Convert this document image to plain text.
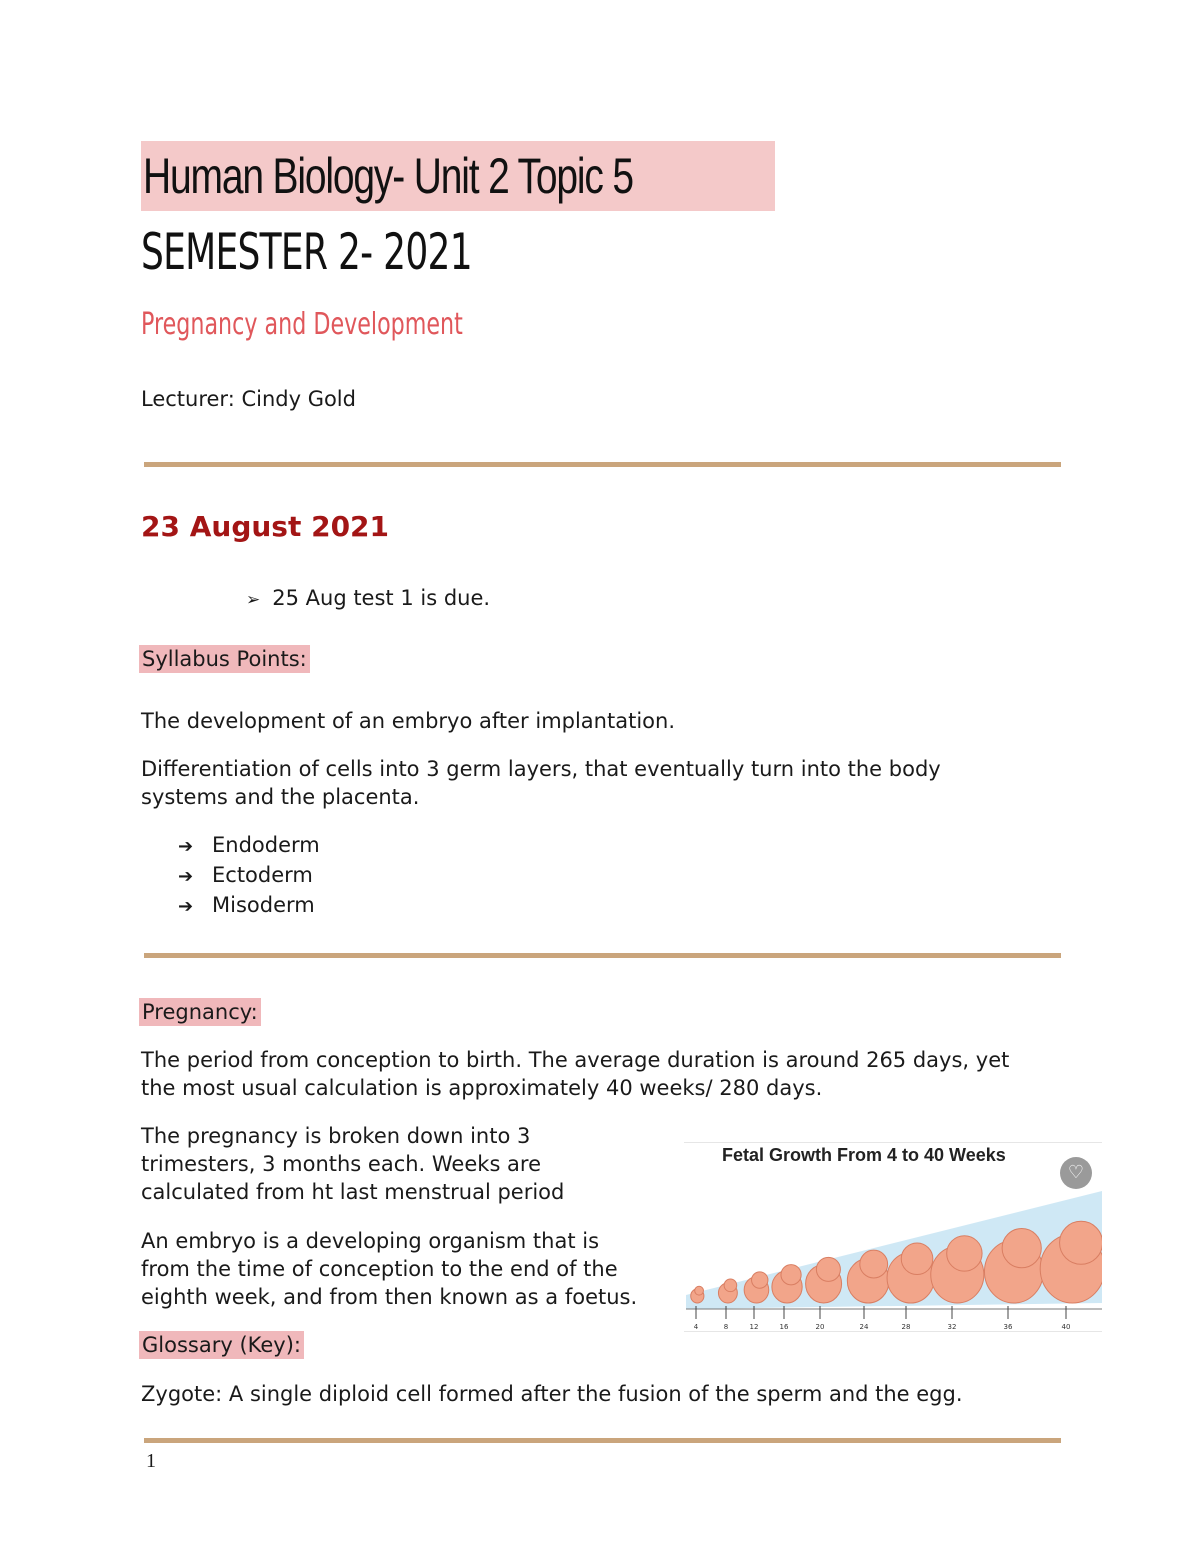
Human Biology- Unit 2 Topic 5
SEMESTER 2- 2021
Pregnancy and Development
Lecturer: Cindy Gold
23 August 2021
➢ 25 Aug test 1 is due.
Syllabus Points:
The development of an embryo after implantation.
Differentiation of cells into 3 germ layers, that eventually turn into the body
systems and the placenta.
➔ Endoderm
➔ Ectoderm
➔ Misoderm
Pregnancy:
The period from conception to birth. The average duration is around 265 days, yet
the most usual calculation is approximately 40 weeks/ 280 days.
The pregnancy is broken down into 3
trimesters, 3 months each. Weeks are
calculated from ht last menstrual period
An embryo is a developing organism that is
from the time of conception to the end of the
eighth week, and from then known as a foetus.
Fetal Growth From 4 to 40 Weeks
♡
4	8	12	16	20	24	28	32	36	40
Glossary (Key):
Zygote: A single diploid cell formed after the fusion of the sperm and the egg.
1
